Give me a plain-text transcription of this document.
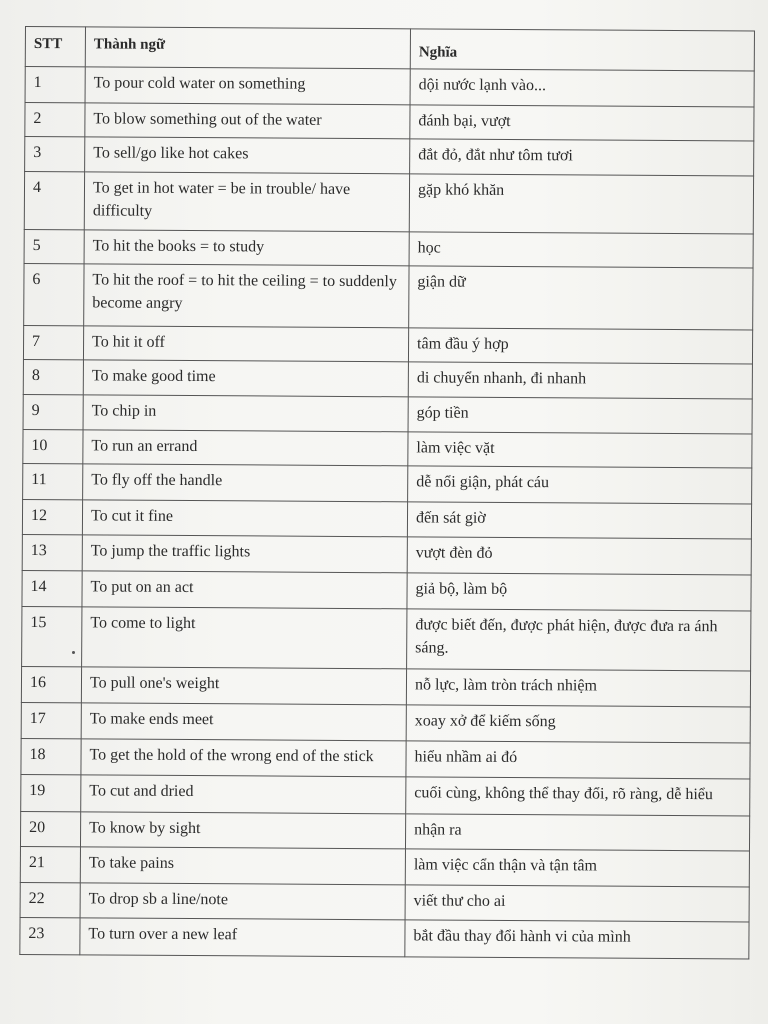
STT	Thành ngữ	Nghĩa
1	To pour cold water on something	dội nước lạnh vào...
2	To blow something out of the water	đánh bại, vượt
3	To sell/go like hot cakes	đắt đỏ, đắt như tôm tươi
4	To get in hot water = be in trouble/ have difficulty	gặp khó khăn
5	To hit the books = to study	học
6	To hit the roof = to hit the ceiling = to suddenly become angry	giận dữ
7	To hit it off	tâm đầu ý hợp
8	To make good time	di chuyển nhanh, đi nhanh
9	To chip in	góp tiền
10	To run an errand	làm việc vặt
11	To fly off the handle	dễ nổi giận, phát cáu
12	To cut it fine	đến sát giờ
13	To jump the traffic lights	vượt đèn đỏ
14	To put on an act	giả bộ, làm bộ
15	To come to light	được biết đến, được phát hiện, được đưa ra ánh sáng.
16	To pull one's weight	nỗ lực, làm tròn trách nhiệm
17	To make ends meet	xoay xở để kiếm sống
18	To get the hold of the wrong end of the stick	hiểu nhầm ai đó
19	To cut and dried	cuối cùng, không thể thay đổi, rõ ràng, dễ hiểu
20	To know by sight	nhận ra
21	To take pains	làm việc cẩn thận và tận tâm
22	To drop sb a line/note	viết thư cho ai
23	To turn over a new leaf	bắt đầu thay đổi hành vi của mình
